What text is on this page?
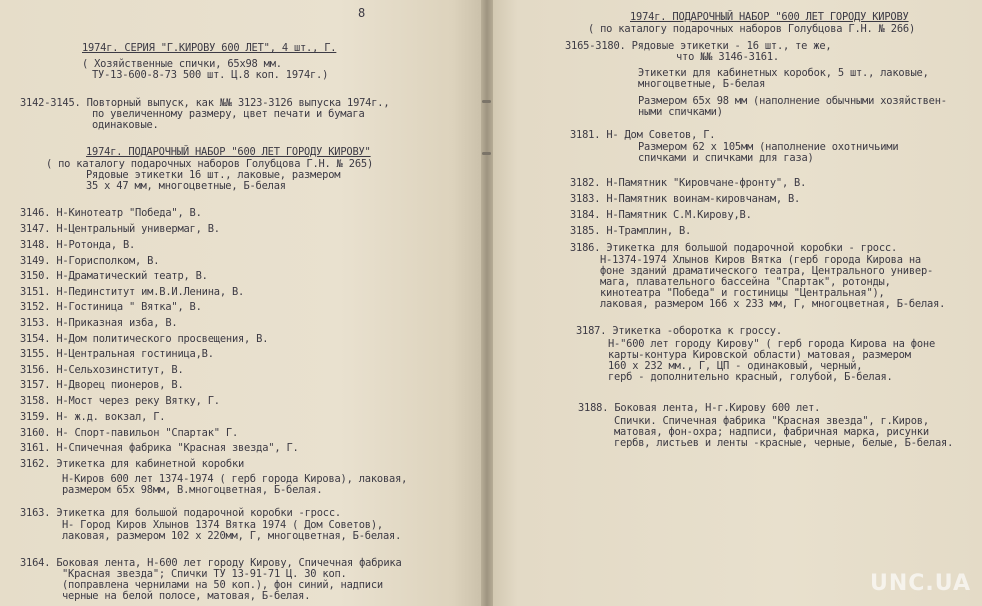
8
1974г. СЕРИЯ "Г.КИРОВУ 600 ЛЕТ", 4 шт., Г.
( Хозяйственные спички, 65х98 мм.
ТУ-13-600-8-73 500 шт. Ц.8 коп. 1974г.)
3142-3145. Повторный выпуск, как №№ 3123-3126 выпуска 1974г.,
по увеличенному размеру, цвет печати и бумага
одинаковые.
1974г. ПОДАРОЧНЫЙ НАБОР "600 ЛЕТ ГОРОДУ КИРОВУ"
( по каталогу подарочных наборов Голубцова Г.Н. № 265)
Рядовые этикетки 16 шт., лаковые, размером
35 х 47 мм, многоцветные, Б-белая
3146. Н-Кинотеатр "Победа", В.
3147. Н-Центральный универмаг, В.
3148. Н-Ротонда, В.
3149. Н-Горисполком, В.
3150. Н-Драматический театр, В.
3151. Н-Пединститут им.В.И.Ленина, В.
3152. Н-Гостиница " Вятка", В.
3153. Н-Приказная изба, В.
3154. Н-Дом политического просвещения, В.
3155. Н-Центральная гостиница,В.
3156. Н-Сельхозинститут, В.
3157. Н-Дворец пионеров, В.
3158. Н-Мост через реку Вятку, Г.
3159. Н- ж.д. вокзал, Г.
3160. Н- Спорт-павильон "Спартак" Г.
3161. Н-Спичечная фабрика "Красная звезда", Г.
3162. Этикетка для кабинетной коробки
Н-Киров 600 лет 1374-1974 ( герб города Кирова), лаковая,
размером 65х 98мм, В.многоцветная, Б-белая.
3163. Этикетка для большой подарочной коробки -гросс.
Н- Город Киров Хлынов 1374 Вятка 1974 ( Дом Советов),
лаковая, размером 102 х 220мм, Г, многоцветная, Б-белая.
3164. Боковая лента, Н-600 лет городу Кирову, Спичечная фабрика
"Красная звезда"; Спички ТУ 13-91-71 Ц. 30 коп.
(поправлена чернилами на 50 коп.), фон синий, надписи
черные на белой полосе, матовая, Б-белая.
1974г. ПОДАРОЧНЫЙ НАБОР "600 ЛЕТ ГОРОДУ КИРОВУ
( по каталогу подарочных наборов Голубцова Г.Н. № 266)
3165-3180. Рядовые этикетки - 16 шт., те же,
что №№ 3146-3161.
Этикетки для кабинетных коробок, 5 шт., лаковые,
многоцветные, Б-белая
Размером 65х 98 мм (наполнение обычными хозяйствен-
ными спичками)
3181. Н- Дом Советов, Г.
Размером 62 х 105мм (наполнение охотничьими
спичками и спичками для газа)
3182. Н-Памятник "Кировчане-фронту", В.
3183. Н-Памятник воинам-кировчанам, В.
3184. Н-Памятник С.М.Кирову,В.
3185. Н-Трамплин, В.
3186. Этикетка для большой подарочной коробки - гросс.
Н-1374-1974 Хлынов Киров Вятка (герб города Кирова на
фоне зданий драматического театра, Центрального универ-
мага, плавательного бассейна "Спартак", ротонды,
кинотеатра "Победа" и гостиницы "Центральная"),
лаковая, размером 166 х 233 мм, Г, многоцветная, Б-белая.
3187. Этикетка -оборотка к гроссу.
Н-"600 лет городу Кирову" ( герб города Кирова на фоне
карты-контура Кировской области) матовая, размером
160 х 232 мм., Г, ЦП - одинаковый, черный,
герб - дополнительно красный, голубой, Б-белая.
3188. Боковая лента, Н-г.Кирову 600 лет.
Спички. Спичечная фабрика "Красная звезда", г.Киров,
матовая, фон-охра; надписи, фабричная марка, рисунки
гербв, листьев и ленты -красные, черные, белые, Б-белая.
UNC.UA
